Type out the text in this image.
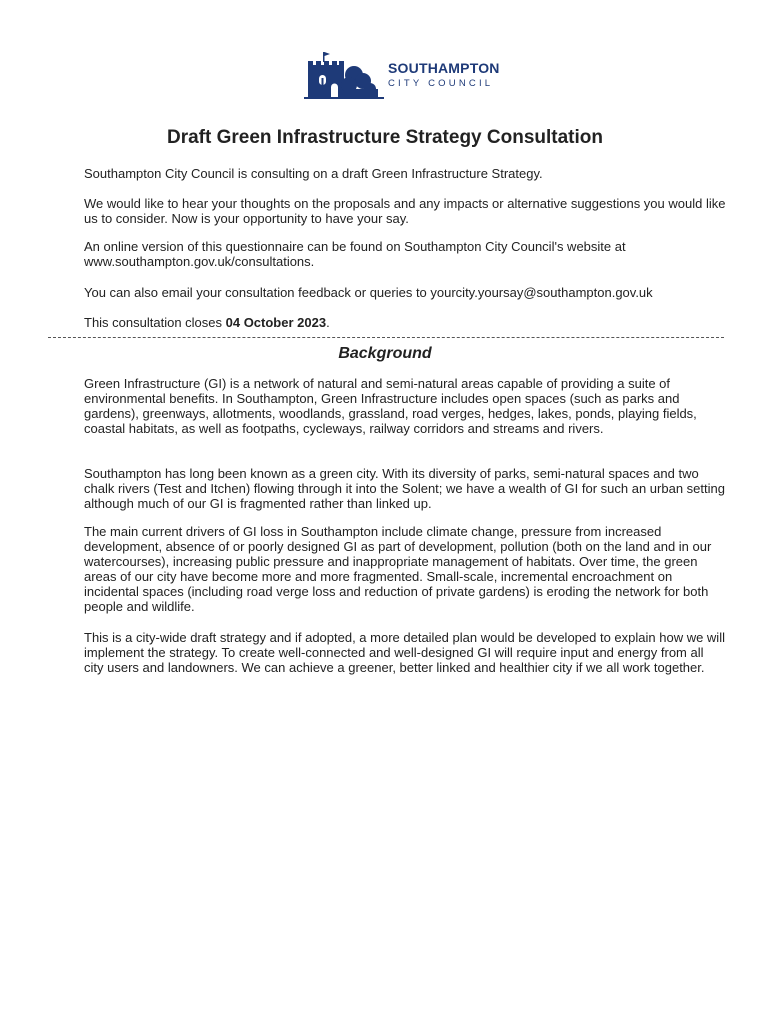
SOUTHAMPTON
CITY COUNCIL
Draft Green Infrastructure Strategy Consultation

Southampton City Council is consulting on a draft Green Infrastructure Strategy.

We would like to hear your thoughts on the proposals and any impacts or alternative suggestions you would like us to consider. Now is your opportunity to have your say.

An online version of this questionnaire can be found on Southampton City Council's website at www.southampton.gov.uk/consultations.

You can also email your consultation feedback or queries to yourcity.yoursay@southampton.gov.uk

This consultation closes 04 October 2023.

Background

Green Infrastructure (GI) is a network of natural and semi-natural areas capable of providing a suite of environmental benefits. In Southampton, Green Infrastructure includes open spaces (such as parks and gardens), greenways, allotments, woodlands, grassland, road verges, hedges, lakes, ponds, playing fields, coastal habitats, as well as footpaths, cycleways, railway corridors and streams and rivers.

Southampton has long been known as a green city. With its diversity of parks, semi-natural spaces and two chalk rivers (Test and Itchen) flowing through it into the Solent; we have a wealth of GI for such an urban setting although much of our GI is fragmented rather than linked up.

The main current drivers of GI loss in Southampton include climate change, pressure from increased development, absence of or poorly designed GI as part of development, pollution (both on the land and in our watercourses), increasing public pressure and inappropriate management of habitats. Over time, the green areas of our city have become more and more fragmented. Small-scale, incremental encroachment on incidental spaces (including road verge loss and reduction of private gardens) is eroding the network for both people and wildlife.

This is a city-wide draft strategy and if adopted, a more detailed plan would be developed to explain how we will implement the strategy. To create well-connected and well-designed GI will require input and energy from all city users and landowners. We can achieve a greener, better linked and healthier city if we all work together.
